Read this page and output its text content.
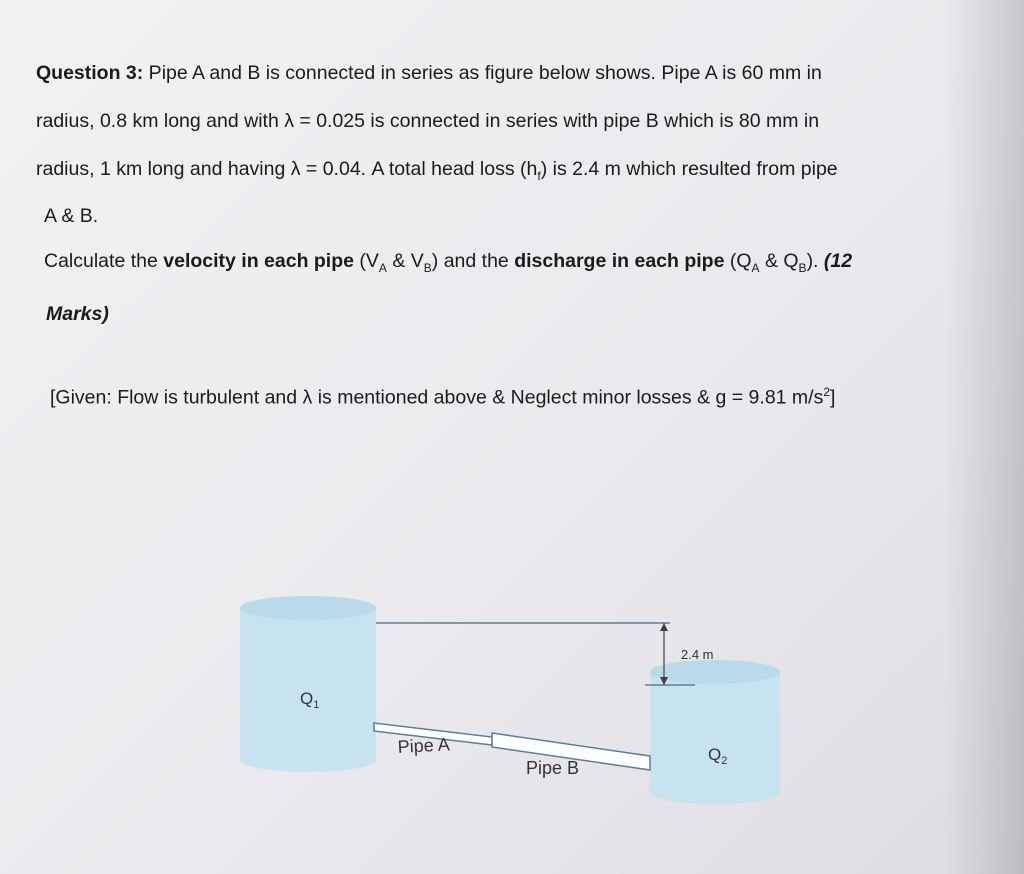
Question 3: Pipe A and B is connected in series as figure below shows. Pipe A is 60 mm in
radius, 0.8 km long and with λ = 0.025 is connected in series with pipe B which is 80 mm in
radius, 1 km long and having λ = 0.04. A total head loss $(h_f)$ is 2.4 m which resulted from pipe
A & B.
Calculate the velocity in each pipe ($V_A$ & $V_B$) and the discharge in each pipe ($Q_A$ & $Q_B$). (12
Marks)
[Given: Flow is turbulent and λ is mentioned above & Neglect minor losses & g = 9.81 $m/s^2$]
$Q_1$
$Q_2$
2.4 m
Pipe A
Pipe B
